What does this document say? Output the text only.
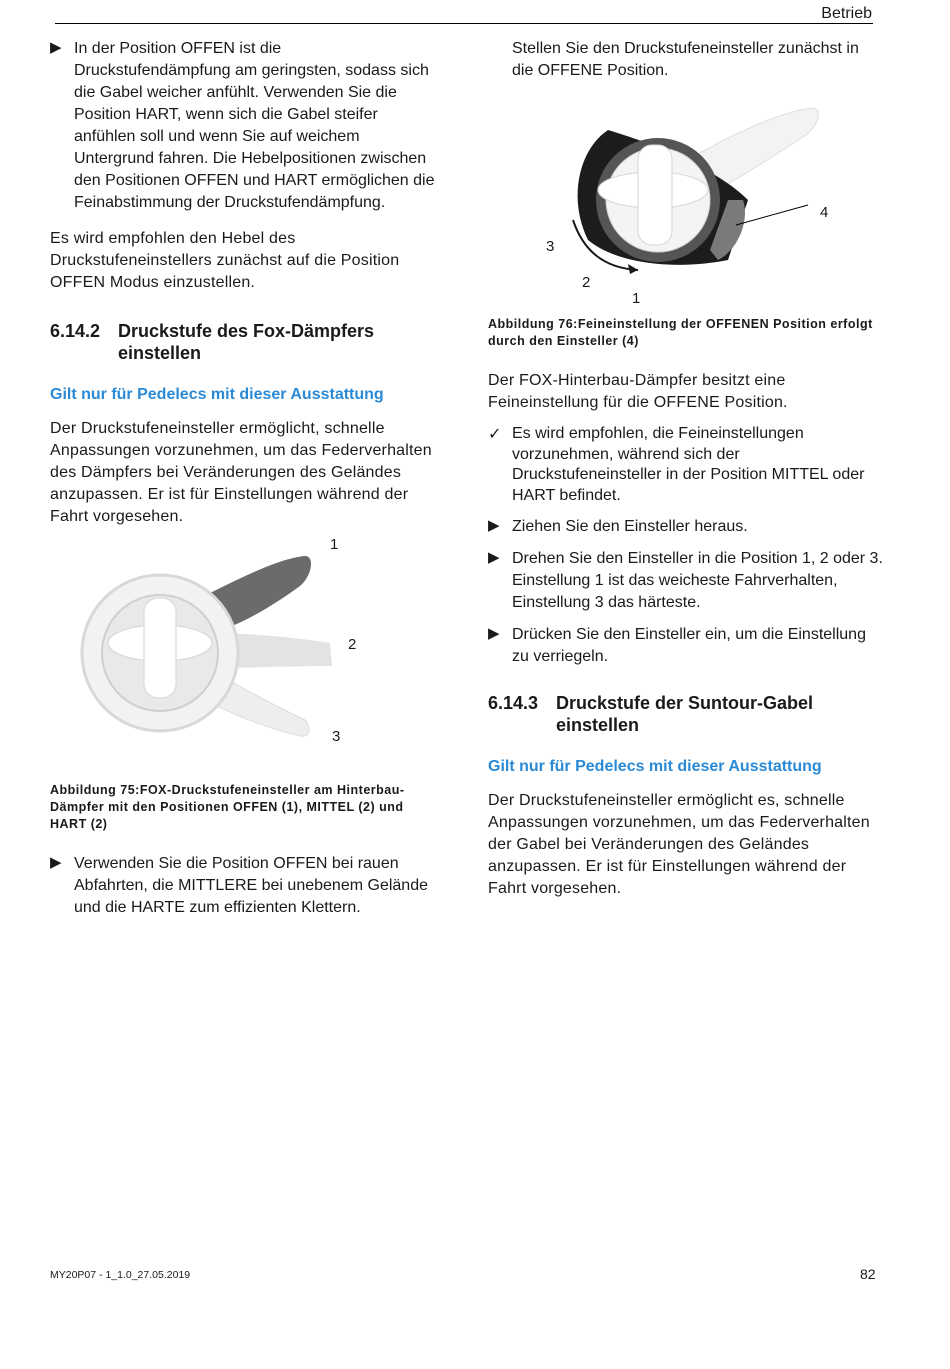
Betrieb
▶ In der Position OFFEN ist die Druckstufendämpfung am geringsten, sodass sich die Gabel weicher anfühlt. Verwenden Sie die Position HART, wenn sich die Gabel steifer anfühlen soll und wenn Sie auf weichem Untergrund fahren. Die Hebelpositionen zwischen den Positionen OFFEN und HART ermöglichen die Feinabstimmung der Druckstufendämpfung.

Es wird empfohlen den Hebel des Druckstufeneinstellers zunächst auf die Position OFFEN Modus einzustellen.

6.14.2 Druckstufe des Fox-Dämpfers einstellen
Gilt nur für Pedelecs mit dieser Ausstattung

Der Druckstufeneinsteller ermöglicht, schnelle Anpassungen vorzunehmen, um das Federverhalten des Dämpfers bei Veränderungen des Geländes anzupassen. Er ist für Einstellungen während der Fahrt vorgesehen.

1
2
3

Abbildung 75:FOX-Druckstufeneinsteller am Hinterbau-Dämpfer mit den Positionen OFFEN (1), MITTEL (2) und HART (2)

▶ Verwenden Sie die Position OFFEN bei rauen Abfahrten, die MITTLERE bei unebenem Gelände und die HARTE zum effizienten Klettern.

Stellen Sie den Druckstufeneinsteller zunächst in die OFFENE Position.

1
2
3
4

Abbildung 76:Feineinstellung der OFFENEN Position erfolgt durch den Einsteller (4)

Der FOX-Hinterbau-Dämpfer besitzt eine Feineinstellung für die OFFENE Position.

✓ Es wird empfohlen, die Feineinstellungen vorzunehmen, während sich der Druckstufeneinsteller in der Position MITTEL oder HART befindet.

▶ Ziehen Sie den Einsteller heraus.

▶ Drehen Sie den Einsteller in die Position 1, 2 oder 3. Einstellung 1 ist das weicheste Fahrverhalten, Einstellung 3 das härteste.

▶ Drücken Sie den Einsteller ein, um die Einstellung zu verriegeln.

6.14.3 Druckstufe der Suntour-Gabel einstellen
Gilt nur für Pedelecs mit dieser Ausstattung

Der Druckstufeneinsteller ermöglicht es, schnelle Anpassungen vorzunehmen, um das Federverhalten der Gabel bei Veränderungen des Geländes anzupassen. Er ist für Einstellungen während der Fahrt vorgesehen.

MY20P07 - 1_1.0_27.05.2019	82
